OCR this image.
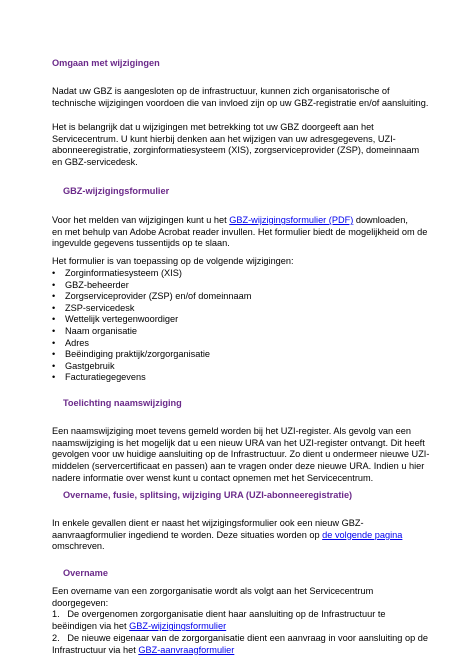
Omgaan met wijzigingen

Nadat uw GBZ is aangesloten op de infrastructuur, kunnen zich organisatorische of

technische wijzigingen voordoen die van invloed zijn op uw GBZ-registratie en/of aansluiting.

Het is belangrijk dat u wijzigingen met betrekking tot uw GBZ doorgeeft aan het

Servicecentrum. U kunt hierbij denken aan het wijzigen van uw adresgegevens, UZI-

abonneeregistratie, zorginformatiesysteem (XIS), zorgserviceprovider (ZSP), domeinnaam

en GBZ-servicedesk.

GBZ-wijzigingsformulier

Voor het melden van wijzigingen kunt u het GBZ-wijzigingsformulier (PDF) downloaden,

en met behulp van Adobe Acrobat reader invullen. Het formulier biedt de mogelijkheid om de

ingevulde gegevens tussentijds op te slaan.

Het formulier is van toepassing op de volgende wijzigingen:

• Zorginformatiesysteem (XIS)
• GBZ-beheerder
• Zorgserviceprovider (ZSP) en/of domeinnaam
• ZSP-servicedesk
• Wettelijk vertegenwoordiger
• Naam organisatie
• Adres
• Beëindiging praktijk/zorgorganisatie
• Gastgebruik
• Facturatiegegevens

Toelichting naamswijziging

Een naamswijziging moet tevens gemeld worden bij het UZI-register. Als gevolg van een

naamswijziging is het mogelijk dat u een nieuw URA van het UZI-register ontvangt. Dit heeft

gevolgen voor uw huidige aansluiting op de Infrastructuur. Zo dient u ondermeer nieuwe UZI-

middelen (servercertificaat en passen) aan te vragen onder deze nieuwe URA. Indien u hier

nadere informatie over wenst kunt u contact opnemen met het Servicecentrum.

Overname, fusie, splitsing, wijziging URA (UZI-abonneeregistratie)

In enkele gevallen dient er naast het wijzigingsformulier ook een nieuw GBZ-

aanvraagformulier ingediend te worden. Deze situaties worden op de volgende pagina

omschreven.

Overname

Een overname van een zorgorganisatie wordt als volgt aan het Servicecentrum

doorgegeven:

1. De overgenomen zorgorganisatie dient haar aansluiting op de Infrastructuur te

beëindigen via het GBZ-wijzigingsformulier

2. De nieuwe eigenaar van de zorgorganisatie dient een aanvraag in voor aansluiting op de

Infrastructuur via het GBZ-aanvraagformulier
